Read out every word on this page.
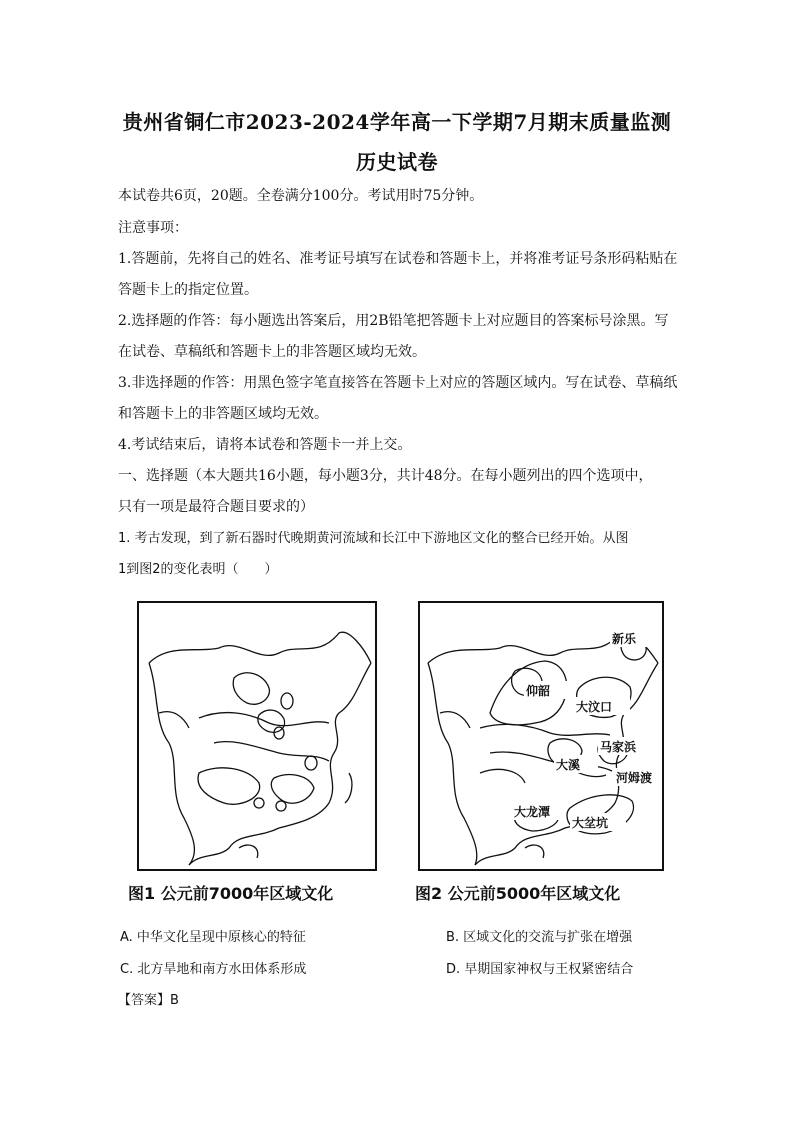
贵州省铜仁市2023-2024学年高一下学期7月期末质量监测
历史试卷
本试卷共6页，20题。全卷满分100分。考试用时75分钟。
注意事项：
1.答题前，先将自己的姓名、准考证号填写在试卷和答题卡上，并将准考证号条形码粘贴在
答题卡上的指定位置。
2.选择题的作答：每小题选出答案后，用2B铅笔把答题卡上对应题目的答案标号涂黑。写
在试卷、草稿纸和答题卡上的非答题区域均无效。
3.非选择题的作答：用黑色签字笔直接答在答题卡上对应的答题区域内。写在试卷、草稿纸
和答题卡上的非答题区域均无效。
4.考试结束后，请将本试卷和答题卡一并上交。
一、选择题（本大题共16小题，每小题3分，共计48分。在每小题列出的四个选项中，
只有一项是最符合题目要求的）
1. 考古发现，到了新石器时代晚期黄河流域和长江中下游地区文化的整合已经开始。从图
1到图2的变化表明（　　）
新乐
仰韶
大汶口
马家浜
大溪
河姆渡
大龙潭
大坌坑
图1 公元前7000年区域文化	图2 公元前5000年区域文化
A. 中华文化呈现中原核心的特征	B. 区域文化的交流与扩张在增强
C. 北方旱地和南方水田体系形成	D. 早期国家神权与王权紧密结合
【答案】B
